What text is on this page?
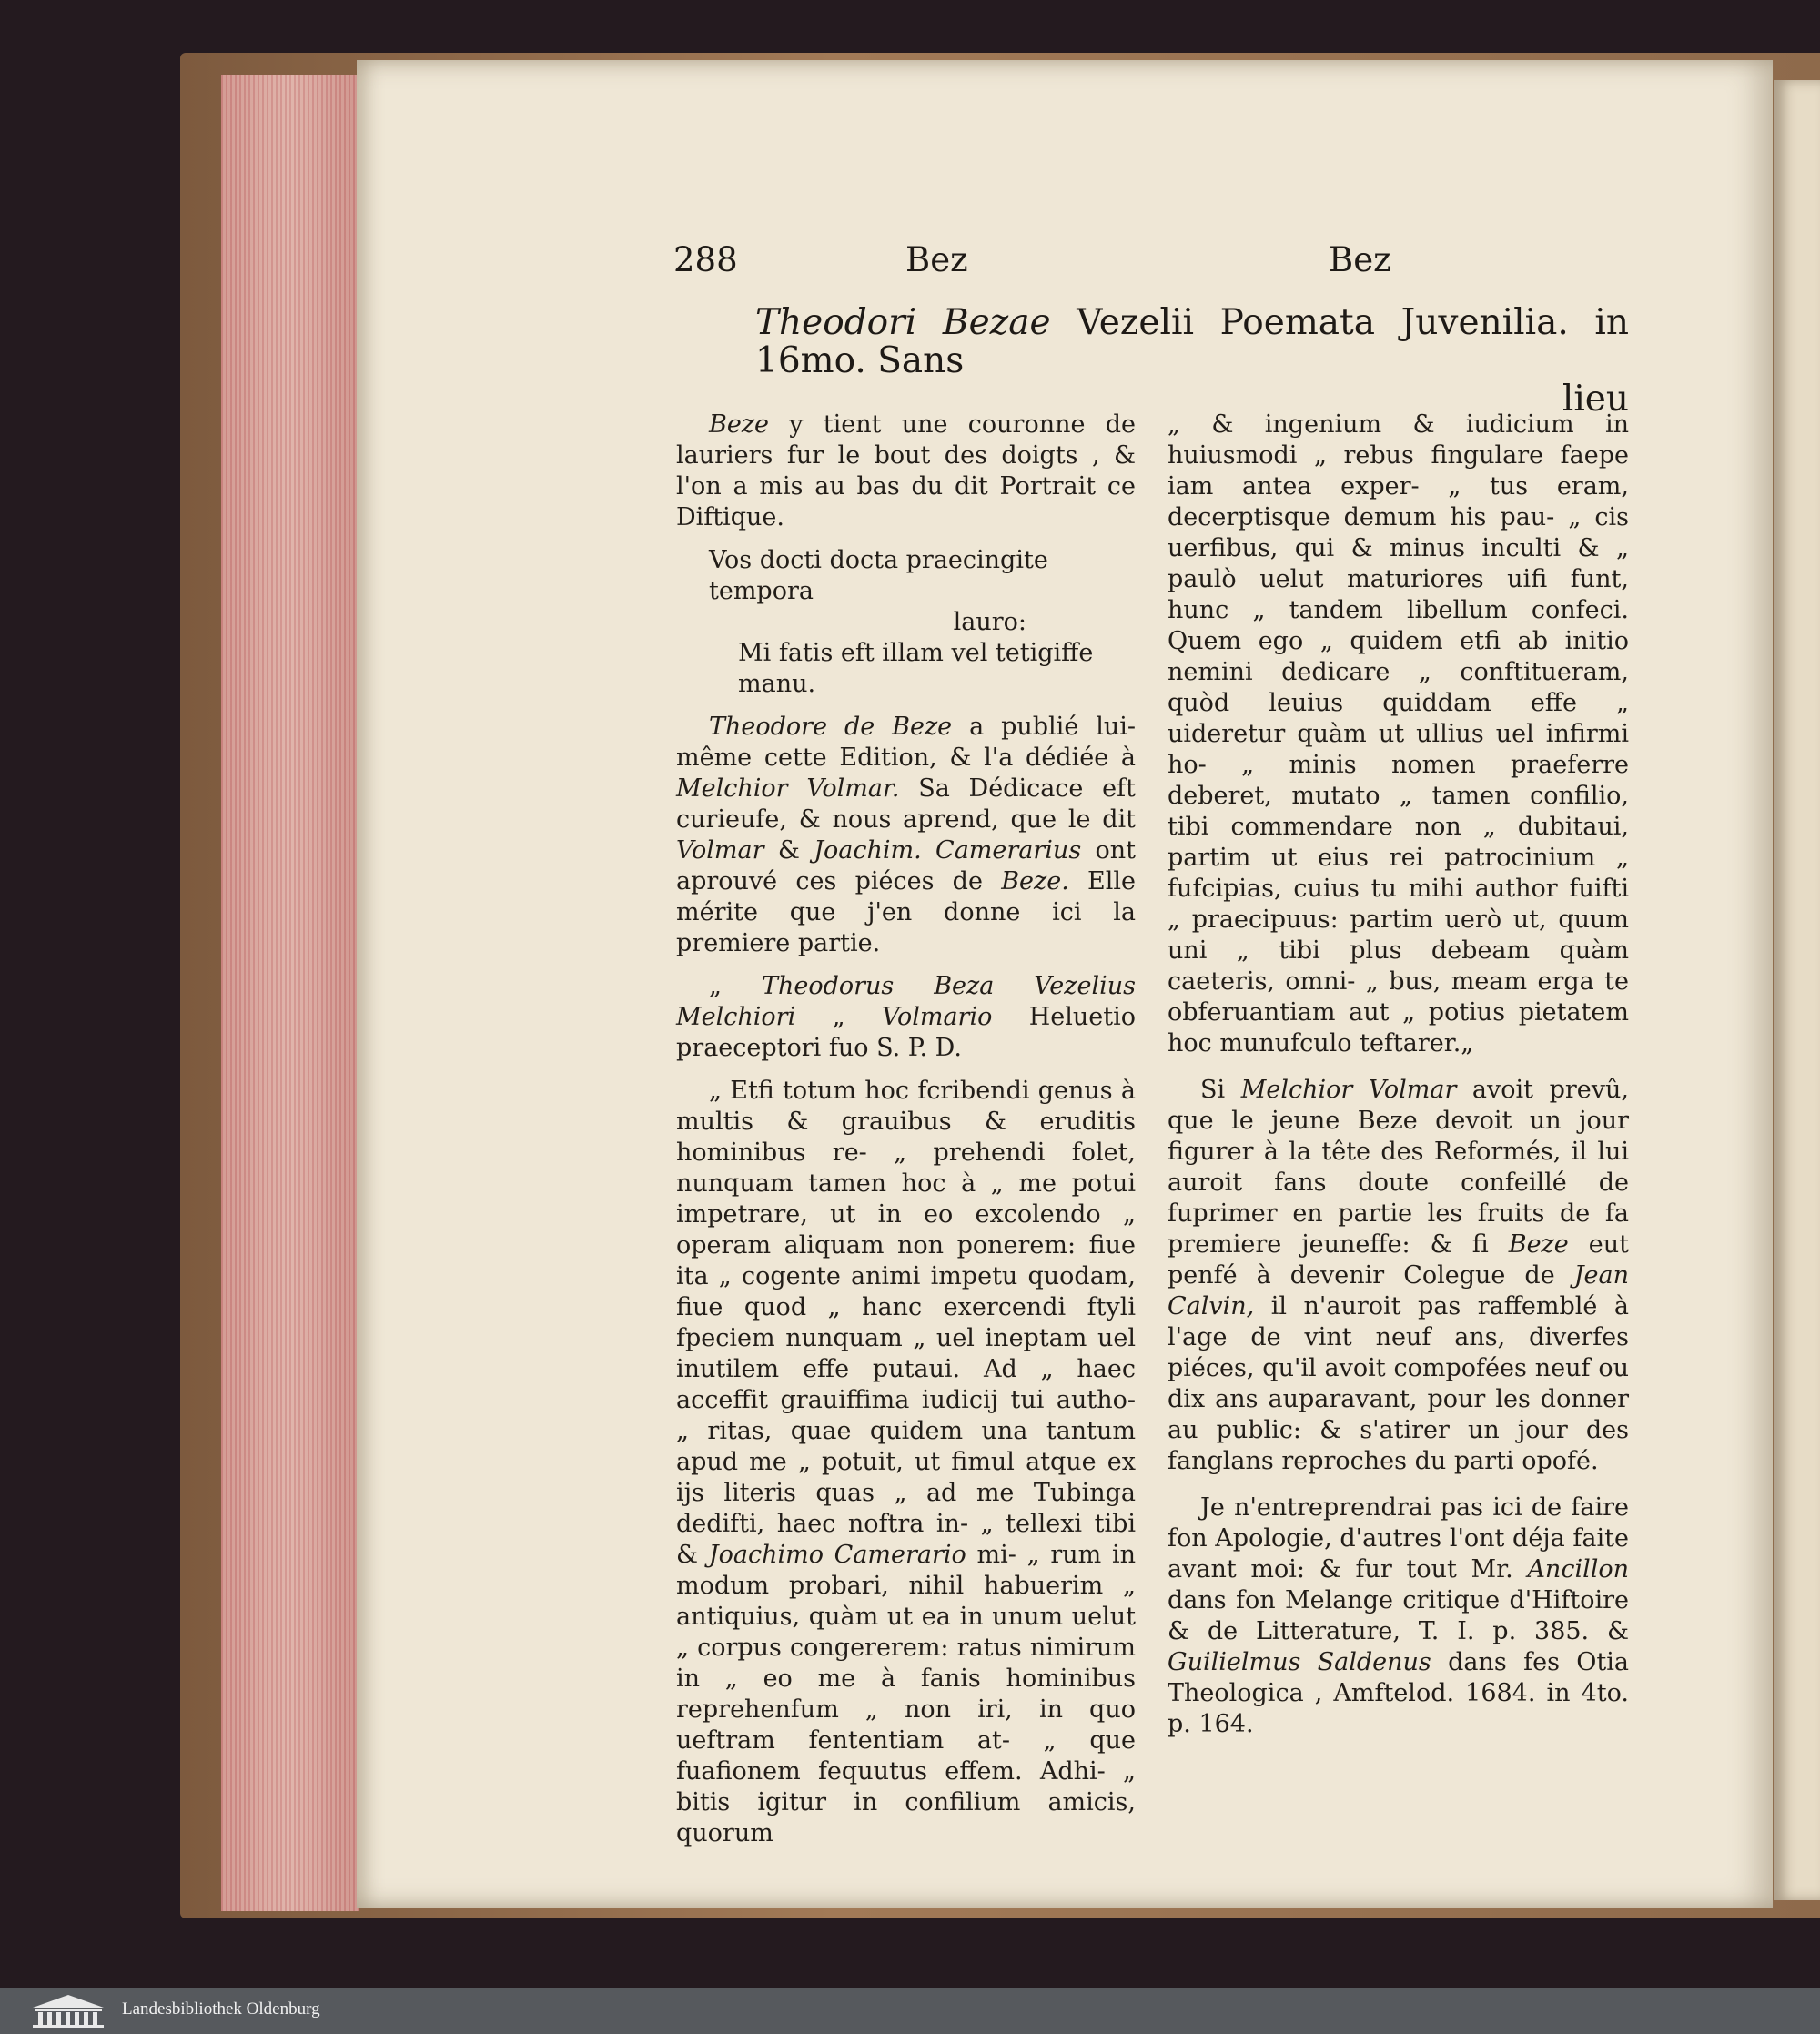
288	Bez	Bez
Theodori Bezae Vezelii Poemata Juvenilia. in 16mo. Sans
lieu

Beze y tient une couronne de lauriers fur le bout des doigts , & l'on a mis au bas du dit Portrait ce Diftique.

Vos docti docta praecingite tempora
lauro:
Mi fatis eft illam vel tetigiffe manu.

Theodore de Beze a publié lui-même cette Edition, & l'a dédiée à Melchior Volmar. Sa Dédicace eft curieufe, & nous aprend, que le dit Volmar & Joachim. Camerarius ont aprouvé ces piéces de Beze. Elle mérite que j'en donne ici la premiere partie.

„ Theodorus Beza Vezelius Melchiori „ Volmario Heluetio praeceptori fuo S. P. D.

„ Etfi totum hoc fcribendi genus à multis & grauibus & eruditis hominibus re- „ prehendi folet, nunquam tamen hoc à „ me potui impetrare, ut in eo excolendo „ operam aliquam non ponerem: fiue ita „ cogente animi impetu quodam, fiue quod „ hanc exercendi ftyli fpeciem nunquam „ uel ineptam uel inutilem effe putaui. Ad „ haec acceffit grauiffima iudicij tui autho- „ ritas, quae quidem una tantum apud me „ potuit, ut fimul atque ex ijs literis quas „ ad me Tubinga dedifti, haec noftra in- „ tellexi tibi & Joachimo Camerario mi- „ rum in modum probari, nihil habuerim „ antiquius, quàm ut ea in unum uelut „ corpus congererem: ratus nimirum in „ eo me à fanis hominibus reprehenfum „ non iri, in quo ueftram fententiam at- „ que fuafionem fequutus effem. Adhi- „ bitis igitur in confilium amicis, quorum

„ & ingenium & iudicium in huiusmodi „ rebus fingulare faepe iam antea exper- „ tus eram, decerptisque demum his pau- „ cis uerfibus, qui & minus inculti & „ paulò uelut maturiores uifi funt, hunc „ tandem libellum confeci. Quem ego „ quidem etfi ab initio nemini dedicare „ conftitueram, quòd leuius quiddam effe „ uideretur quàm ut ullius uel infirmi ho- „ minis nomen praeferre deberet, mutato „ tamen confilio, tibi commendare non „ dubitaui, partim ut eius rei patrocinium „ fufcipias, cuius tu mihi author fuifti „ praecipuus: partim uerò ut, quum uni „ tibi plus debeam quàm caeteris, omni- „ bus, meam erga te obferuantiam aut „ potius pietatem hoc munufculo teftarer.„

Si Melchior Volmar avoit prevû, que le jeune Beze devoit un jour figurer à la tête des Reformés, il lui auroit fans doute confeillé de fuprimer en partie les fruits de fa premiere jeuneffe: & fi Beze eut penfé à devenir Colegue de Jean Calvin, il n'auroit pas raffemblé à l'age de vint neuf ans, diverfes piéces, qu'il avoit compofées neuf ou dix ans auparavant, pour les donner au public: & s'atirer un jour des fanglans reproches du parti opofé.

Je n'entreprendrai pas ici de faire fon Apologie, d'autres l'ont déja faite avant moi: & fur tout Mr. Ancillon dans fon Melange critique d'Hiftoire & de Litterature, T. I. p. 385. & Guilielmus Saldenus dans fes Otia Theologica , Amftelod. 1684. in 4to. p. 164.

Landesbibliothek Oldenburg
